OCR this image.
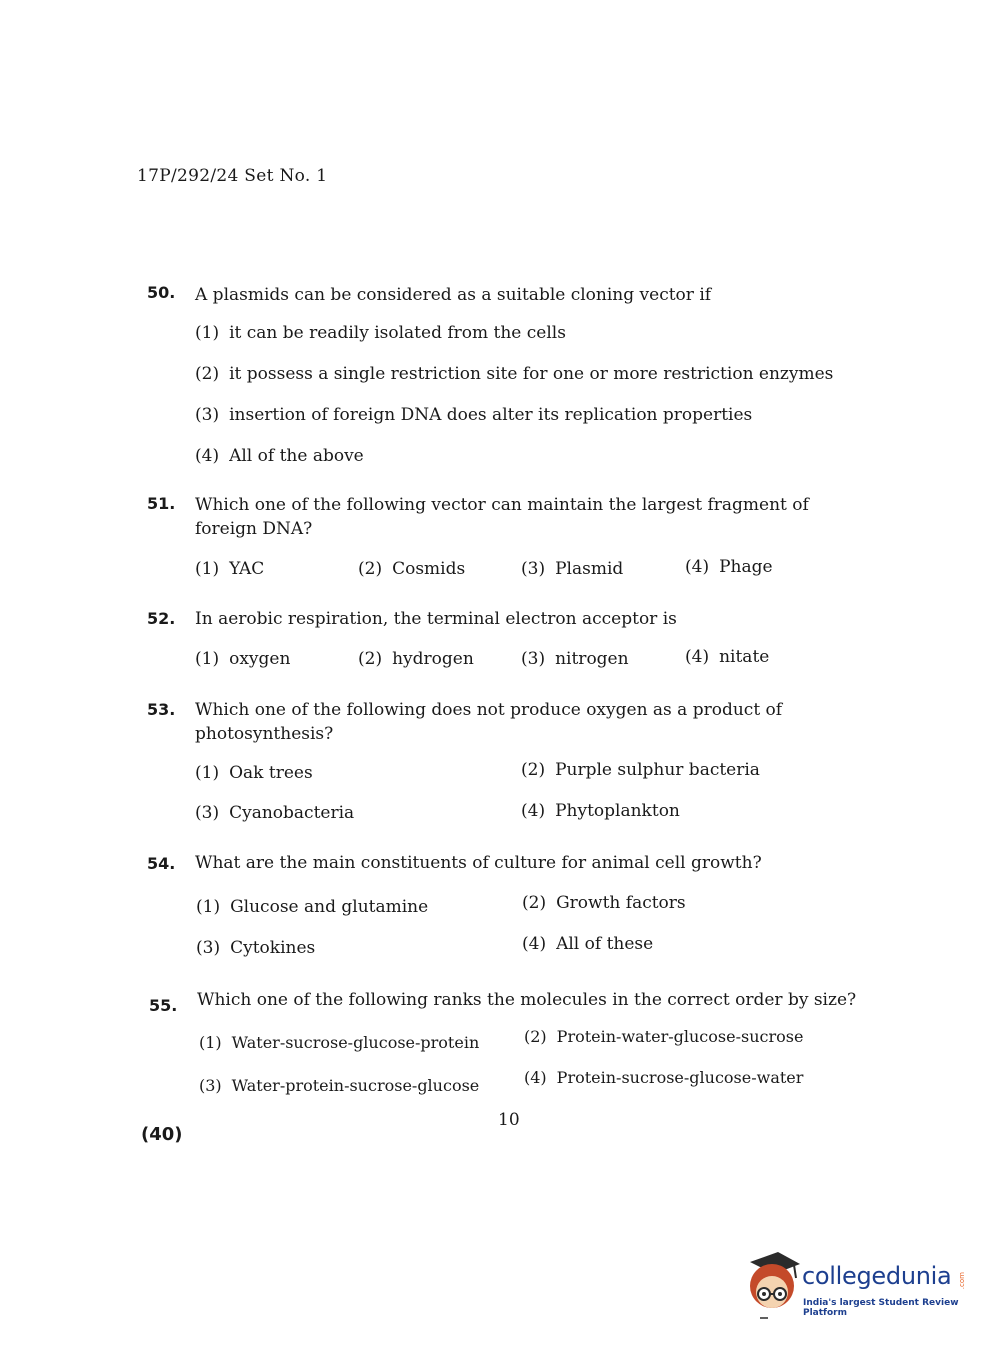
17P/292/24 Set No. 1
50. A plasmids can be considered as a suitable cloning vector if
(1) it can be readily isolated from the cells
(2) it possess a single restriction site for one or more restriction enzymes
(3) insertion of foreign DNA does alter its replication properties
(4) All of the above
51. Which one of the following vector can maintain the largest fragment of foreign DNA?
(1) YAC	(2) Cosmids	(3) Plasmid	(4) Phage
52. In aerobic respiration, the terminal electron acceptor is
(1) oxygen	(2) hydrogen	(3) nitrogen	(4) nitate
53. Which one of the following does not produce oxygen as a product of photosynthesis?
(1) Oak trees	(2) Purple sulphur bacteria
(3) Cyanobacteria	(4) Phytoplankton
54. What are the main constituents of culture for animal cell growth?
(1) Glucose and glutamine	(2) Growth factors
(3) Cytokines	(4) All of these
55. Which one of the following ranks the molecules in the correct order by size?
(1) Water-sucrose-glucose-protein	(2) Protein-water-glucose-sucrose
(3) Water-protein-sucrose-glucose	(4) Protein-sucrose-glucose-water
10
(40)
collegedunia .com
India's largest Student Review Platform
